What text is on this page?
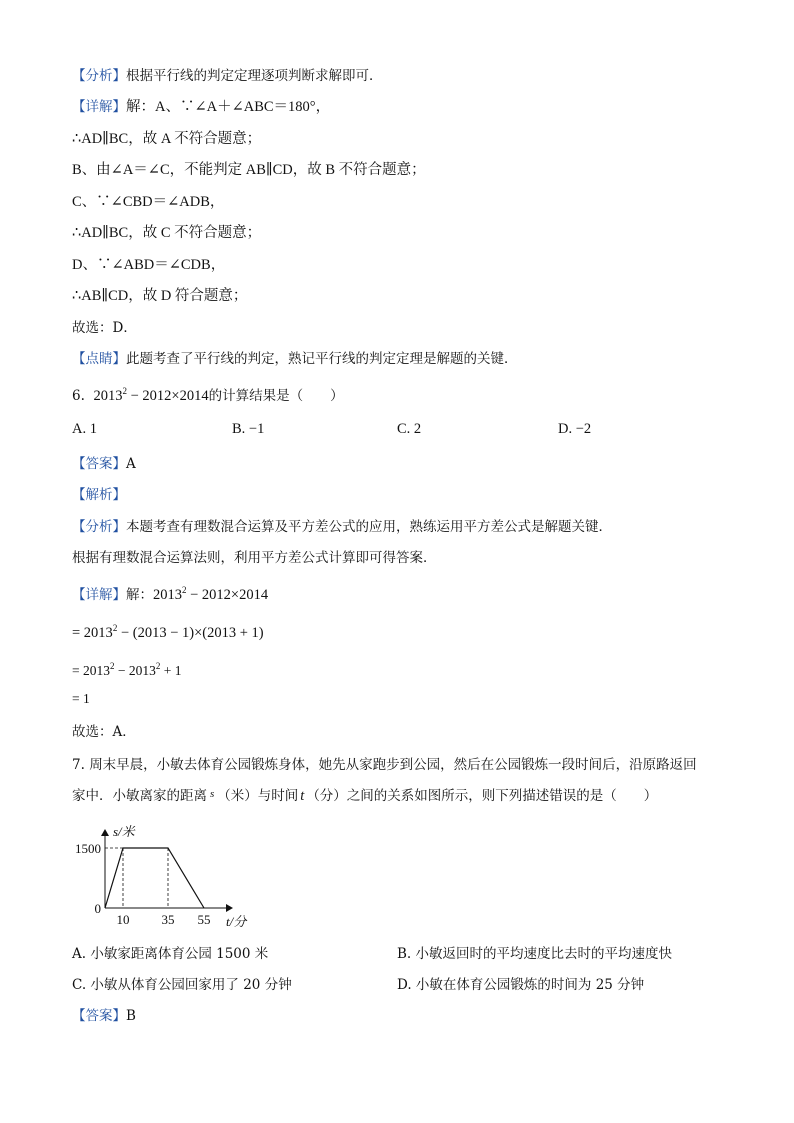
【分析】根据平行线的判定定理逐项判断求解即可．
【详解】解：A、∵∠A＋∠ABC＝180°，
∴AD∥BC，故 A 不符合题意；
B、由∠A＝∠C，不能判定 AB∥CD，故 B 不符合题意；
C、∵∠CBD＝∠ADB，
∴AD∥BC，故 C 不符合题意；
D、∵∠ABD＝∠CDB，
∴AB∥CD，故 D 符合题意；
故选：D．
【点睛】此题考查了平行线的判定，熟记平行线的判定定理是解题的关键．
6. $2013^2 - 2012\times 2014$的计算结果是（　　）
A. 1	B. −1	C. 2	D. −2
【答案】A
【解析】
【分析】本题考查有理数混合运算及平方差公式的应用，熟练运用平方差公式是解题关键．
根据有理数混合运算法则，利用平方差公式计算即可得答案．
【详解】解：$2013^2 - 2012\times 2014$
= $2013^2 - (2013 - 1)\times(2013 + 1)$
= $2013^2 - 2013^2 + 1$
= 1
故选：A．
7. 周末早晨，小敏去体育公园锻炼身体，她先从家跑步到公园，然后在公园锻炼一段时间后，沿原路返回
家中．小敏离家的距离 $^s$ （米）与时间 t （分）之间的关系如图所示，则下列描述错误的是（　　）
10 35 55
1500
0
s/米
t/分
A. 小敏家距离体育公园 1500 米	B. 小敏返回时的平均速度比去时的平均速度快
C. 小敏从体育公园回家用了 20 分钟	D. 小敏在体育公园锻炼的时间为 25 分钟
【答案】B
